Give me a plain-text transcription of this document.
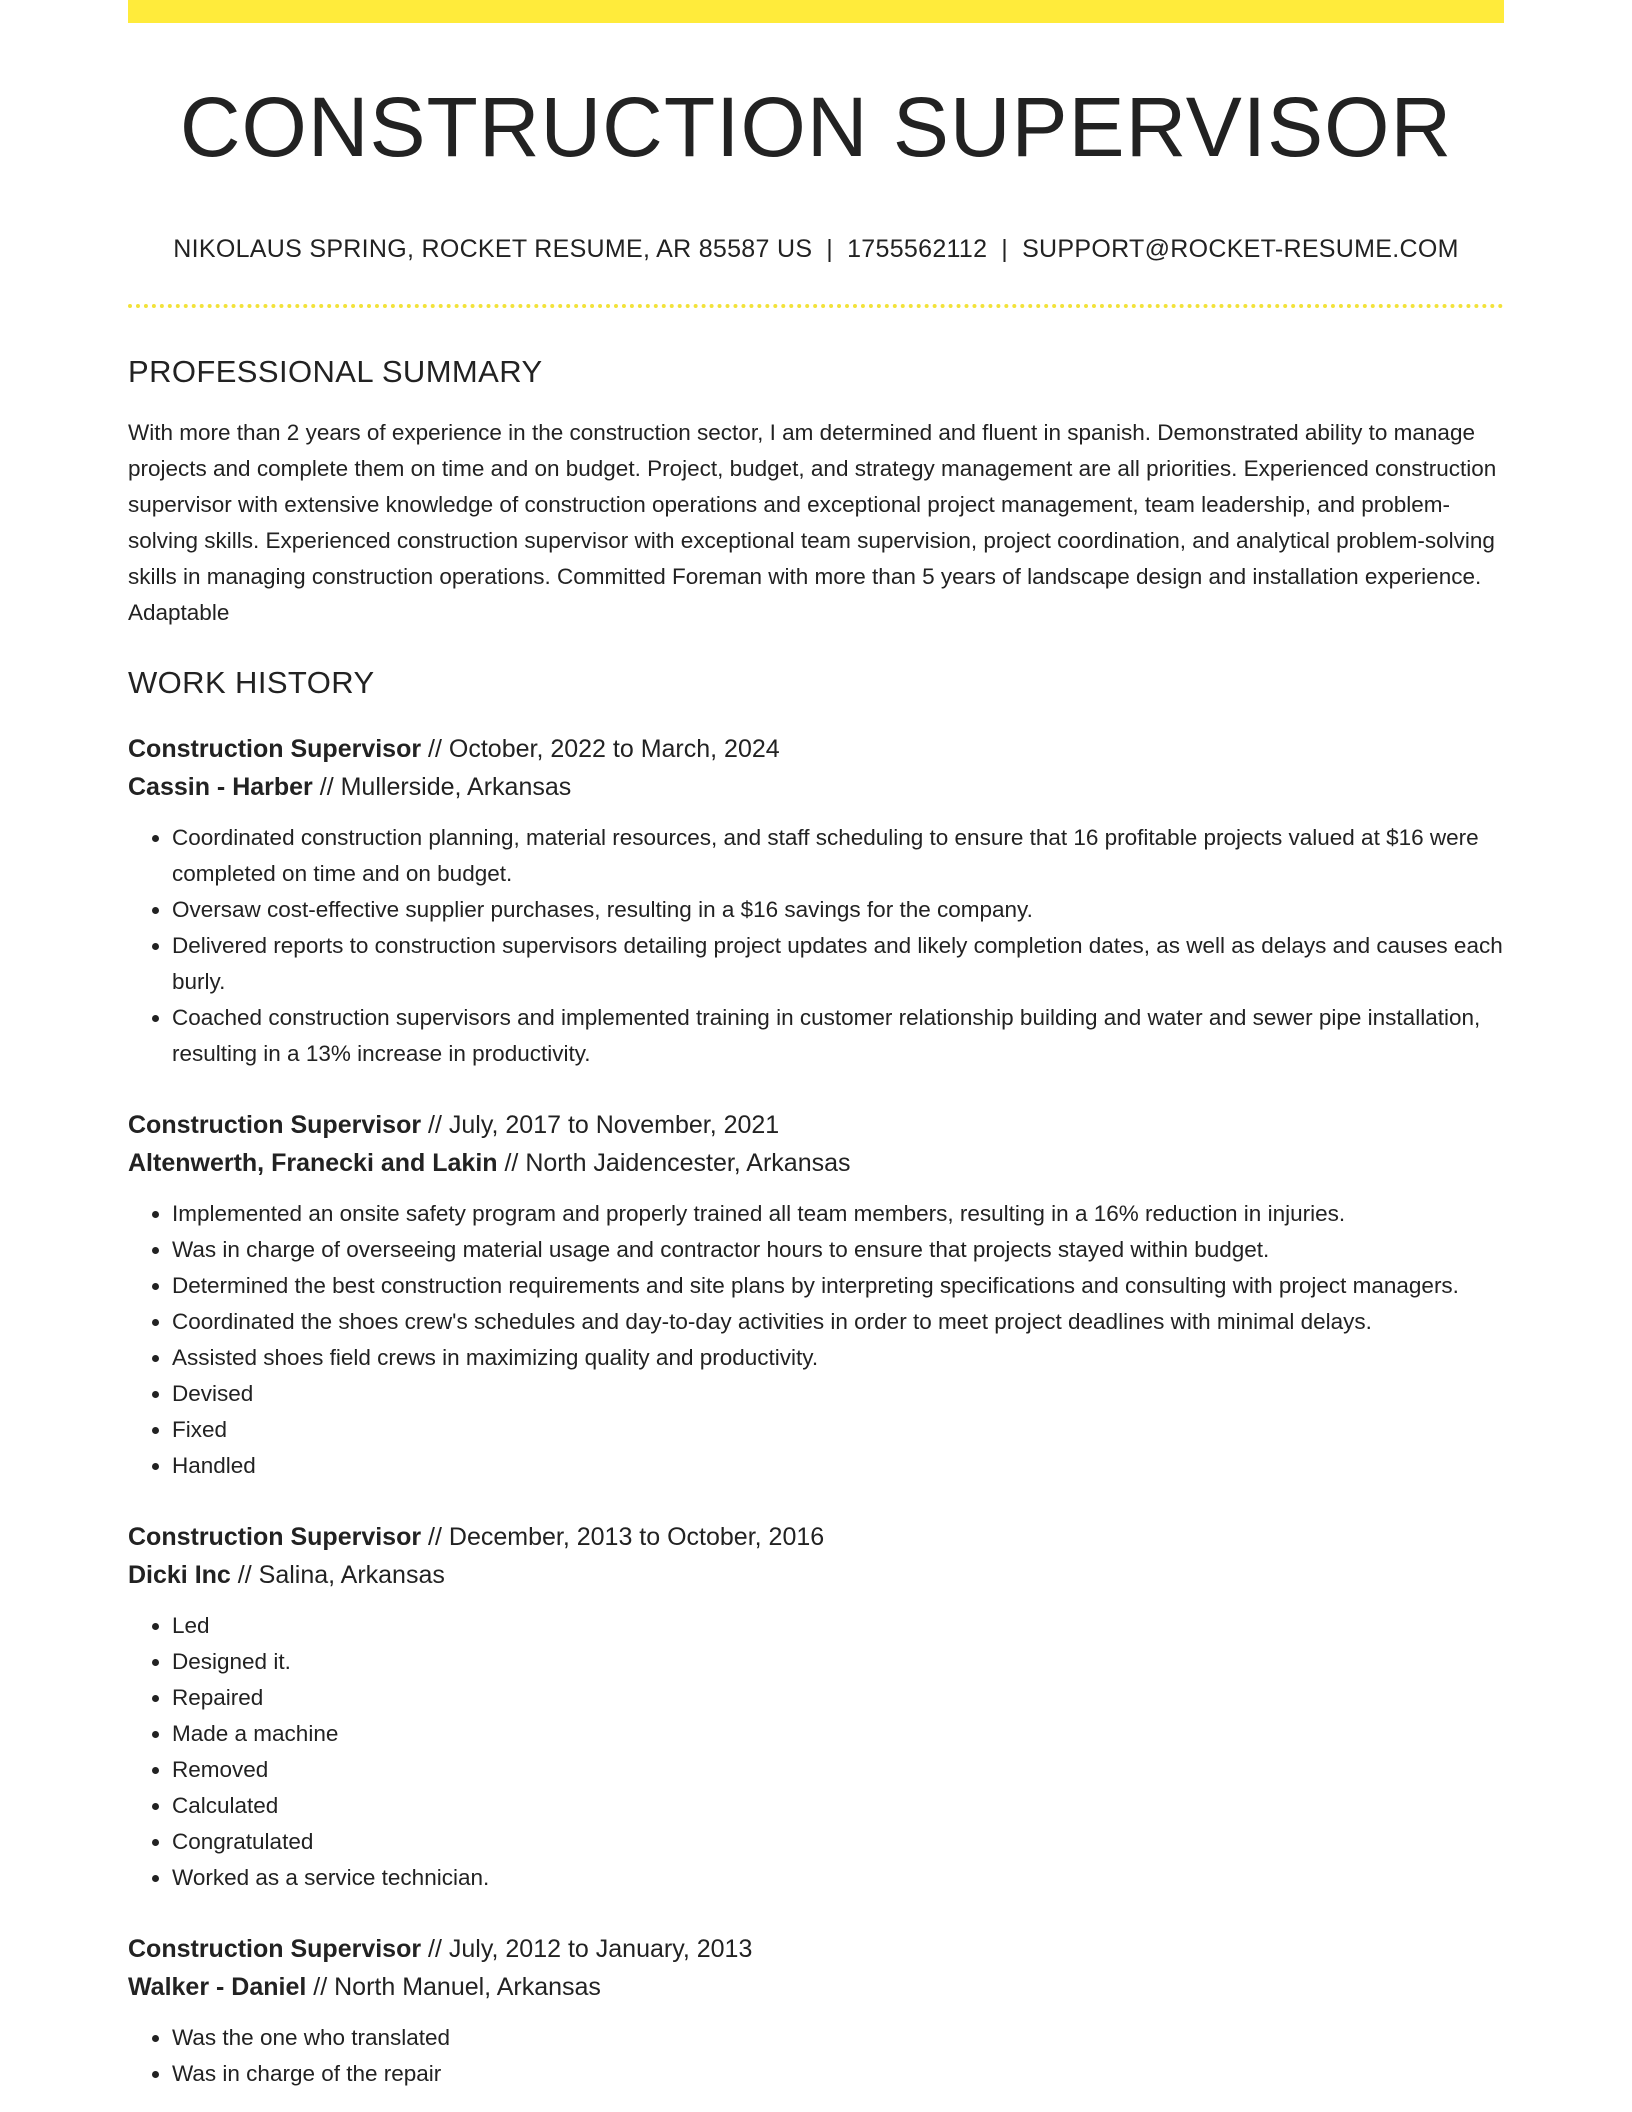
CONSTRUCTION SUPERVISOR
NIKOLAUS SPRING, ROCKET RESUME, AR 85587 US | 1755562112 | SUPPORT@ROCKET-RESUME.COM
PROFESSIONAL SUMMARY

With more than 2 years of experience in the construction sector, I am determined and fluent in spanish. Demonstrated ability to manage projects and complete them on time and on budget. Project, budget, and strategy management are all priorities. Experienced construction supervisor with extensive knowledge of construction operations and exceptional project management, team leadership, and problem-solving skills. Experienced construction supervisor with exceptional team supervision, project coordination, and analytical problem-solving skills in managing construction operations. Committed Foreman with more than 5 years of landscape design and installation experience. Adaptable

WORK HISTORY
Construction Supervisor // October, 2022 to March, 2024
Cassin - Harber // Mullerside, Arkansas
• Coordinated construction planning, material resources, and staff scheduling to ensure that 16 profitable projects valued at $16 were completed on time and on budget.
• Oversaw cost-effective supplier purchases, resulting in a $16 savings for the company.
• Delivered reports to construction supervisors detailing project updates and likely completion dates, as well as delays and causes each burly.
• Coached construction supervisors and implemented training in customer relationship building and water and sewer pipe installation, resulting in a 13% increase in productivity.
Construction Supervisor // July, 2017 to November, 2021
Altenwerth, Franecki and Lakin // North Jaidencester, Arkansas
• Implemented an onsite safety program and properly trained all team members, resulting in a 16% reduction in injuries.
• Was in charge of overseeing material usage and contractor hours to ensure that projects stayed within budget.
• Determined the best construction requirements and site plans by interpreting specifications and consulting with project managers.
• Coordinated the shoes crew's schedules and day-to-day activities in order to meet project deadlines with minimal delays.
• Assisted shoes field crews in maximizing quality and productivity.
• Devised
• Fixed
• Handled
Construction Supervisor // December, 2013 to October, 2016
Dicki Inc // Salina, Arkansas
• Led
• Designed it.
• Repaired
• Made a machine
• Removed
• Calculated
• Congratulated
• Worked as a service technician.
Construction Supervisor // July, 2012 to January, 2013
Walker - Daniel // North Manuel, Arkansas
• Was the one who translated
• Was in charge of the repair
